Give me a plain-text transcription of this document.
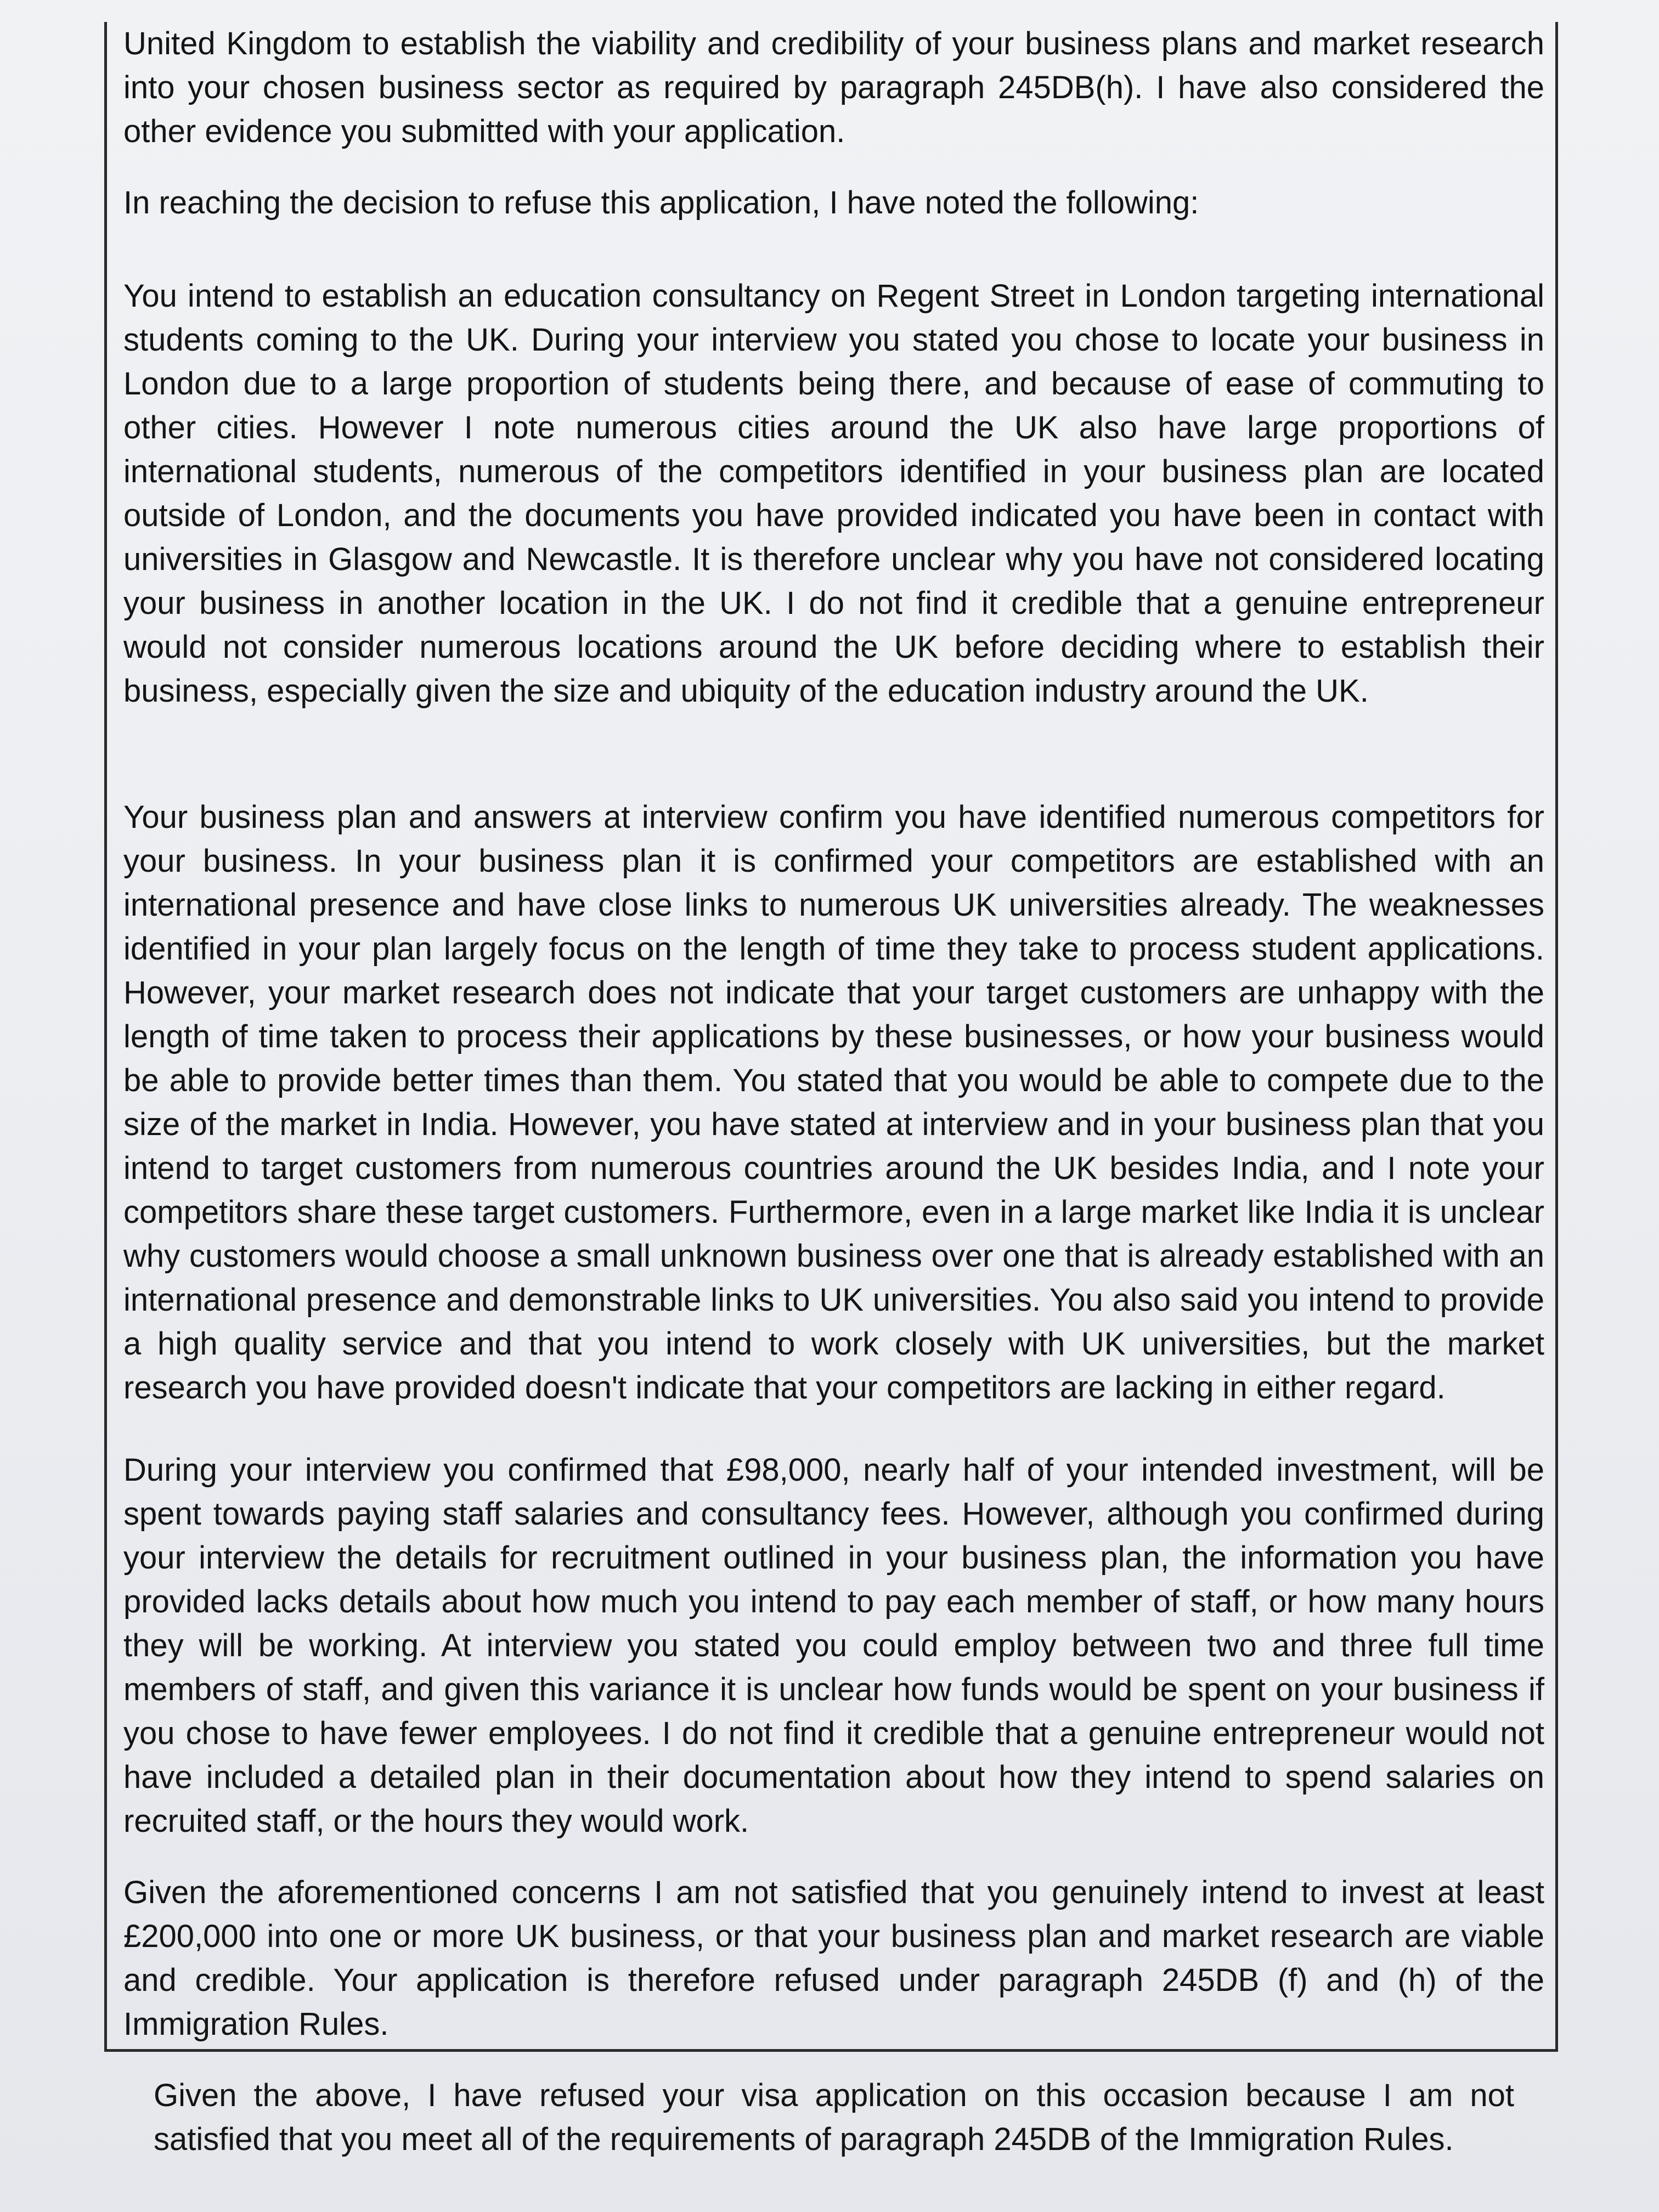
United Kingdom to establish the viability and credibility of your business plans and market research into your chosen business sector as required by paragraph 245DB(h). I have also considered the other evidence you submitted with your application.

In reaching the decision to refuse this application, I have noted the following:

You intend to establish an education consultancy on Regent Street in London targeting international students coming to the UK. During your interview you stated you chose to locate your business in London due to a large proportion of students being there, and because of ease of commuting to other cities. However I note numerous cities around the UK also have large proportions of international students, numerous of the competitors identified in your business plan are located outside of London, and the documents you have provided indicated you have been in contact with universities in Glasgow and Newcastle. It is therefore unclear why you have not considered locating your business in another location in the UK. I do not find it credible that a genuine entrepreneur would not consider numerous locations around the UK before deciding where to establish their business, especially given the size and ubiquity of the education industry around the UK.

Your business plan and answers at interview confirm you have identified numerous competitors for your business. In your business plan it is confirmed your competitors are established with an international presence and have close links to numerous UK universities already. The weaknesses identified in your plan largely focus on the length of time they take to process student applications. However, your market research does not indicate that your target customers are unhappy with the length of time taken to process their applications by these businesses, or how your business would be able to provide better times than them. You stated that you would be able to compete due to the size of the market in India. However, you have stated at interview and in your business plan that you intend to target customers from numerous countries around the UK besides India, and I note your competitors share these target customers. Furthermore, even in a large market like India it is unclear why customers would choose a small unknown business over one that is already established with an international presence and demonstrable links to UK universities. You also said you intend to provide a high quality service and that you intend to work closely with UK universities, but the market research you have provided doesn't indicate that your competitors are lacking in either regard.

During your interview you confirmed that £98,000, nearly half of your intended investment, will be spent towards paying staff salaries and consultancy fees. However, although you confirmed during your interview the details for recruitment outlined in your business plan, the information you have provided lacks details about how much you intend to pay each member of staff, or how many hours they will be working. At interview you stated you could employ between two and three full time members of staff, and given this variance it is unclear how funds would be spent on your business if you chose to have fewer employees. I do not find it credible that a genuine entrepreneur would not have included a detailed plan in their documentation about how they intend to spend salaries on recruited staff, or the hours they would work.

Given the aforementioned concerns I am not satisfied that you genuinely intend to invest at least £200,000 into one or more UK business, or that your business plan and market research are viable and credible. Your application is therefore refused under paragraph 245DB (f) and (h) of the Immigration Rules.

Given the above, I have refused your visa application on this occasion because I am not satisfied that you meet all of the requirements of paragraph 245DB of the Immigration Rules.
